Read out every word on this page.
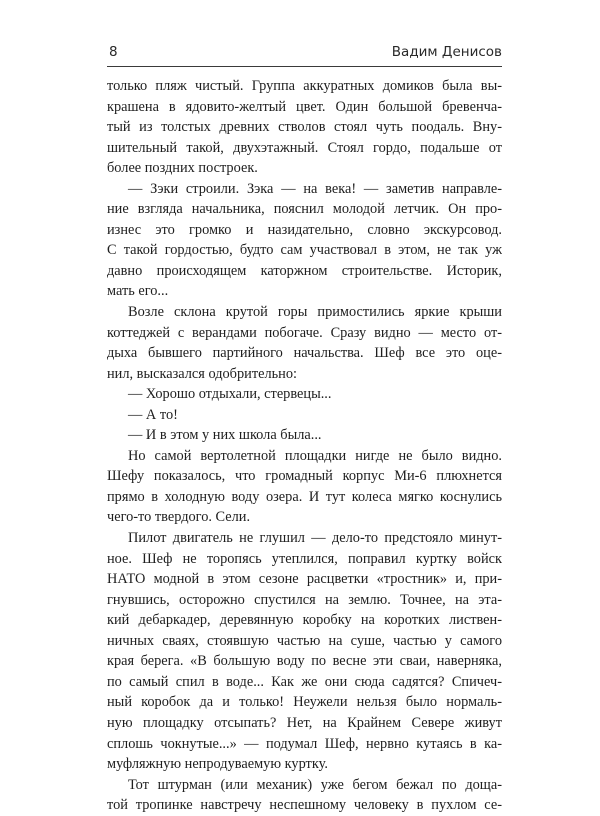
8	Вадим Денисов
только пляж чистый. Группа аккуратных домиков была вы-
крашена в ядовито-желтый цвет. Один большой бревенча-
тый из толстых древних стволов стоял чуть поодаль. Вну-
шительный такой, двухэтажный. Стоял гордо, подальше от
более поздних построек.
— Зэки строили. Зэка — на века! — заметив направле-
ние взгляда начальника, пояснил молодой летчик. Он про-
изнес это громко и назидательно, словно экскурсовод.
С такой гордостью, будто сам участвовал в этом, не так уж
давно происходящем каторжном строительстве. Историк,
мать его...
Возле склона крутой горы примостились яркие крыши
коттеджей с верандами побогаче. Сразу видно — место от-
дыха бывшего партийного начальства. Шеф все это оце-
нил, высказался одобрительно:
— Хорошо отдыхали, стервецы...
— А то!
— И в этом у них школа была...
Но самой вертолетной площадки нигде не было видно.
Шефу показалось, что громадный корпус Ми-6 плюхнется
прямо в холодную воду озера. И тут колеса мягко коснулись
чего-то твердого. Сели.
Пилот двигатель не глушил — дело-то предстояло минут-
ное. Шеф не торопясь утеплился, поправил куртку войск
НАТО модной в этом сезоне расцветки «тростник» и, при-
гнувшись, осторожно спустился на землю. Точнее, на эта-
кий дебаркадер, деревянную коробку на коротких листвен-
ничных сваях, стоявшую частью на суше, частью у самого
края берега. «В большую воду по весне эти сваи, наверняка,
по самый спил в воде... Как же они сюда садятся? Спичеч-
ный коробок да и только! Неужели нельзя было нормаль-
ную площадку отсыпать? Нет, на Крайнем Севере живут
сплошь чокнутые...» — подумал Шеф, нервно кутаясь в ка-
муфляжную непродуваемую куртку.
Тот штурман (или механик) уже бегом бежал по доща-
той тропинке навстречу неспешному человеку в пухлом се-
